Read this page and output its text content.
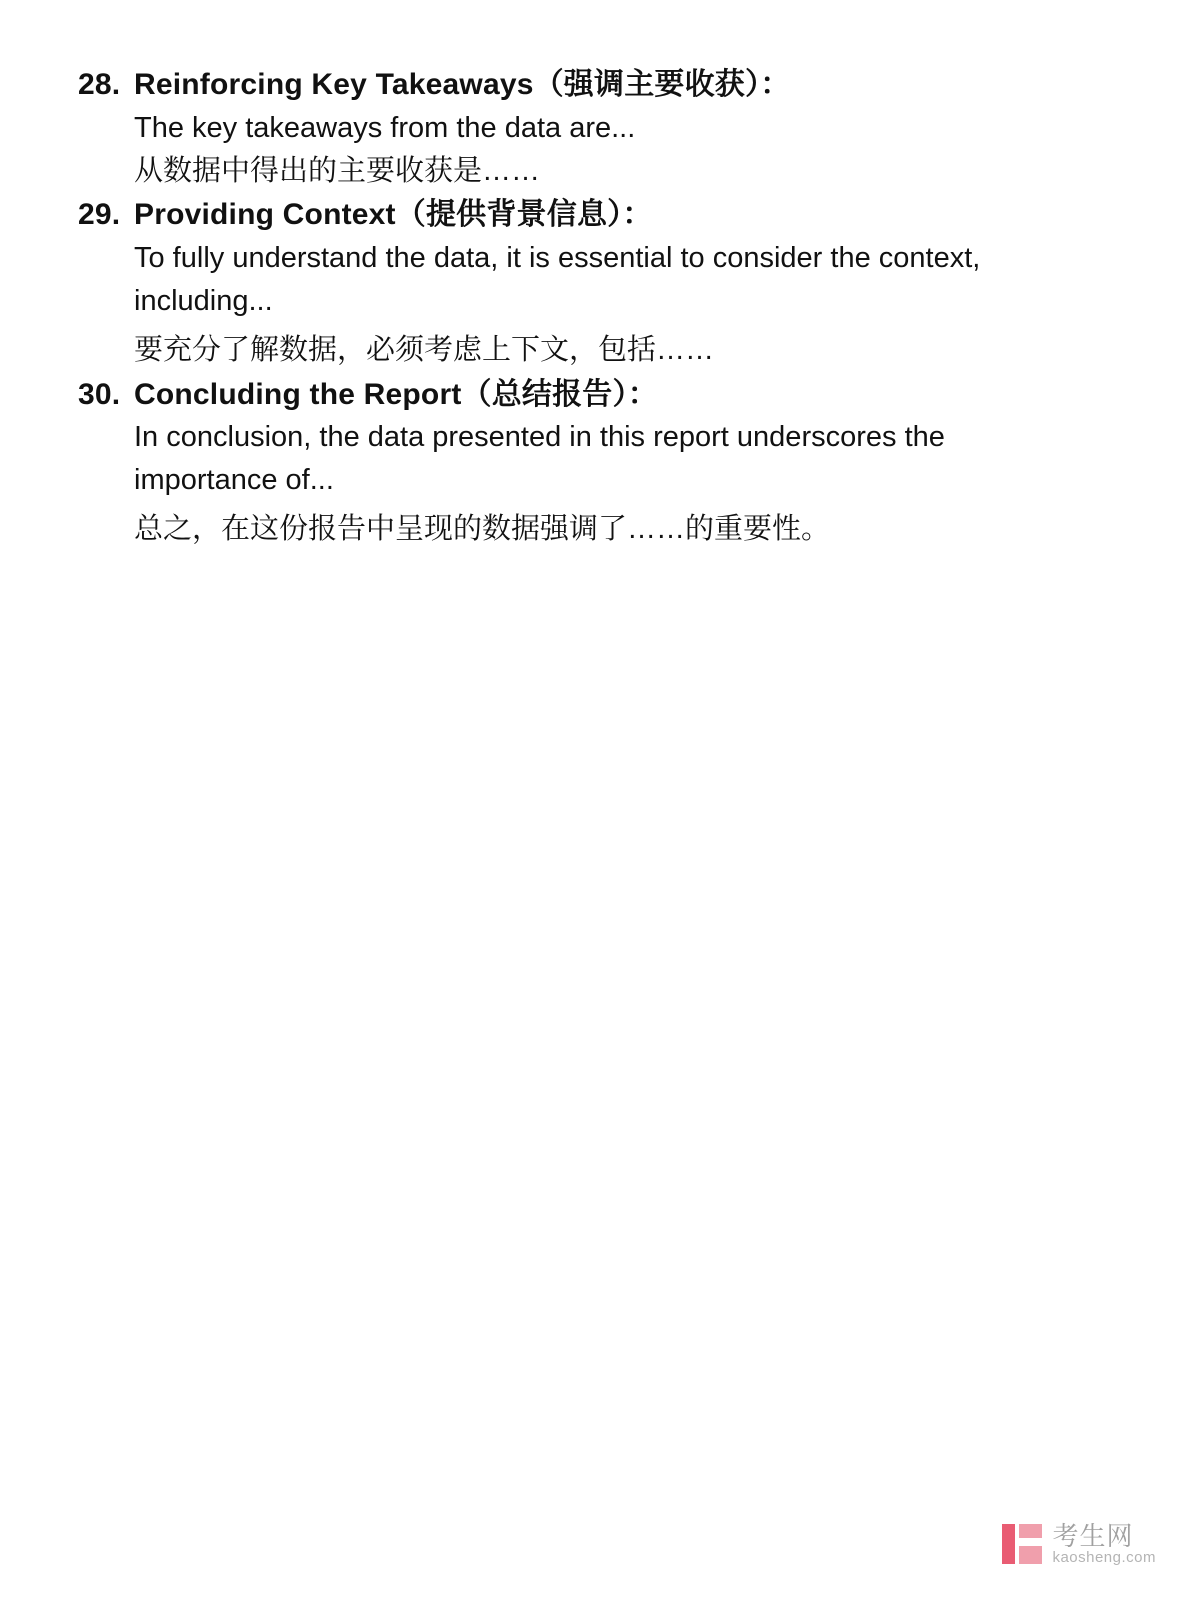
28. Reinforcing Key Takeaways（强调主要收获）：
The key takeaways from the data are...
从数据中得出的主要收获是……
29. Providing Context（提供背景信息）：
To fully understand the data, it is essential to consider the context, including...
要充分了解数据，必须考虑上下文，包括……
30. Concluding the Report（总结报告）：
In conclusion, the data presented in this report underscores the importance of...
总之，在这份报告中呈现的数据强调了……的重要性。
考生网
kaosheng.com
